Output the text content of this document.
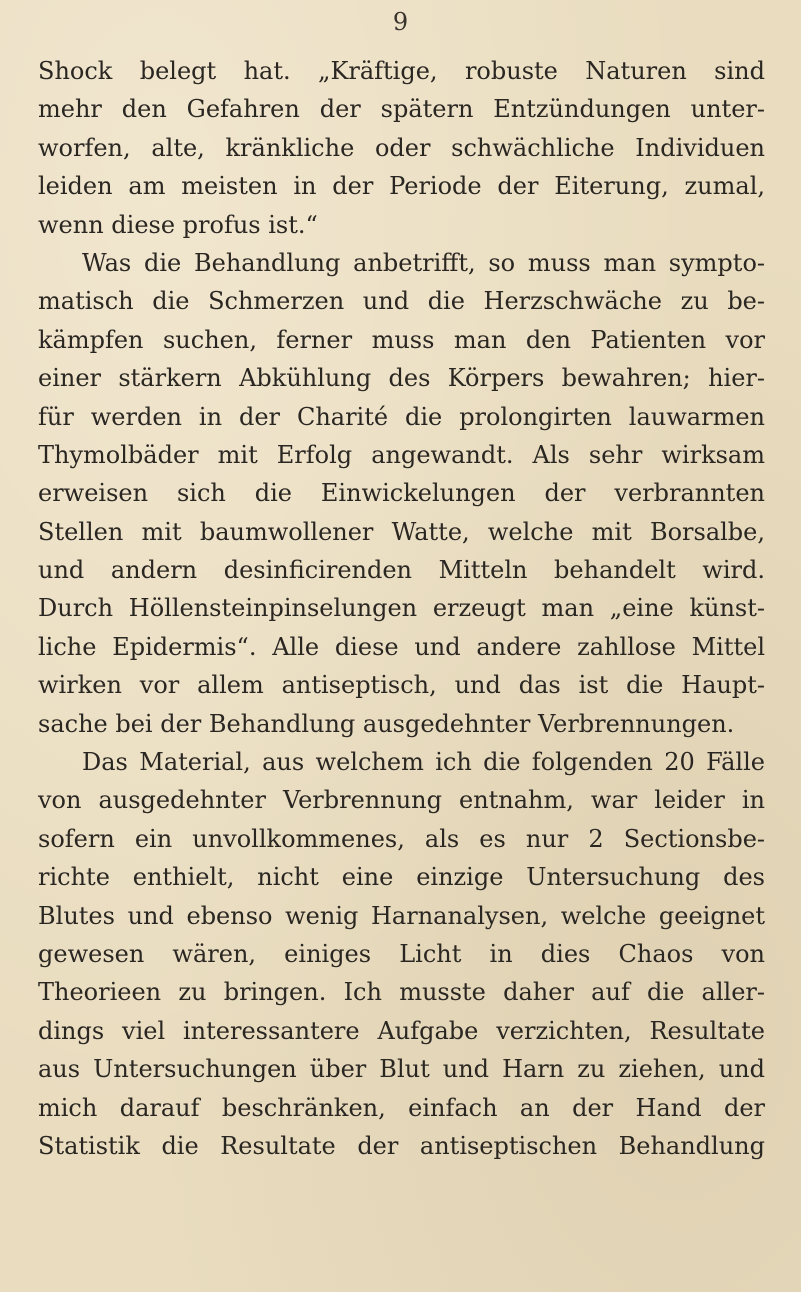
9
Shock belegt hat. „Kräftige, robuste Naturen sind
mehr den Gefahren der spätern Entzündungen unter-
worfen, alte, kränkliche oder schwächliche Individuen
leiden am meisten in der Periode der Eiterung, zumal,
wenn diese profus ist.“
Was die Behandlung anbetrifft, so muss man sympto-
matisch die Schmerzen und die Herzschwäche zu be-
kämpfen suchen, ferner muss man den Patienten vor
einer stärkern Abkühlung des Körpers bewahren; hier-
für werden in der Charité die prolongirten lauwarmen
Thymolbäder mit Erfolg angewandt. Als sehr wirksam
erweisen sich die Einwickelungen der verbrannten
Stellen mit baumwollener Watte, welche mit Borsalbe,
und andern desinficirenden Mitteln behandelt wird.
Durch Höllensteinpinselungen erzeugt man „eine künst-
liche Epidermis“. Alle diese und andere zahllose Mittel
wirken vor allem antiseptisch, und das ist die Haupt-
sache bei der Behandlung ausgedehnter Verbrennungen.
Das Material, aus welchem ich die folgenden 20 Fälle
von ausgedehnter Verbrennung entnahm, war leider in
sofern ein unvollkommenes, als es nur 2 Sectionsbe-
richte enthielt, nicht eine einzige Untersuchung des
Blutes und ebenso wenig Harnanalysen, welche geeignet
gewesen wären, einiges Licht in dies Chaos von
Theorieen zu bringen. Ich musste daher auf die aller-
dings viel interessantere Aufgabe verzichten, Resultate
aus Untersuchungen über Blut und Harn zu ziehen, und
mich darauf beschränken, einfach an der Hand der
Statistik die Resultate der antiseptischen Behandlung
